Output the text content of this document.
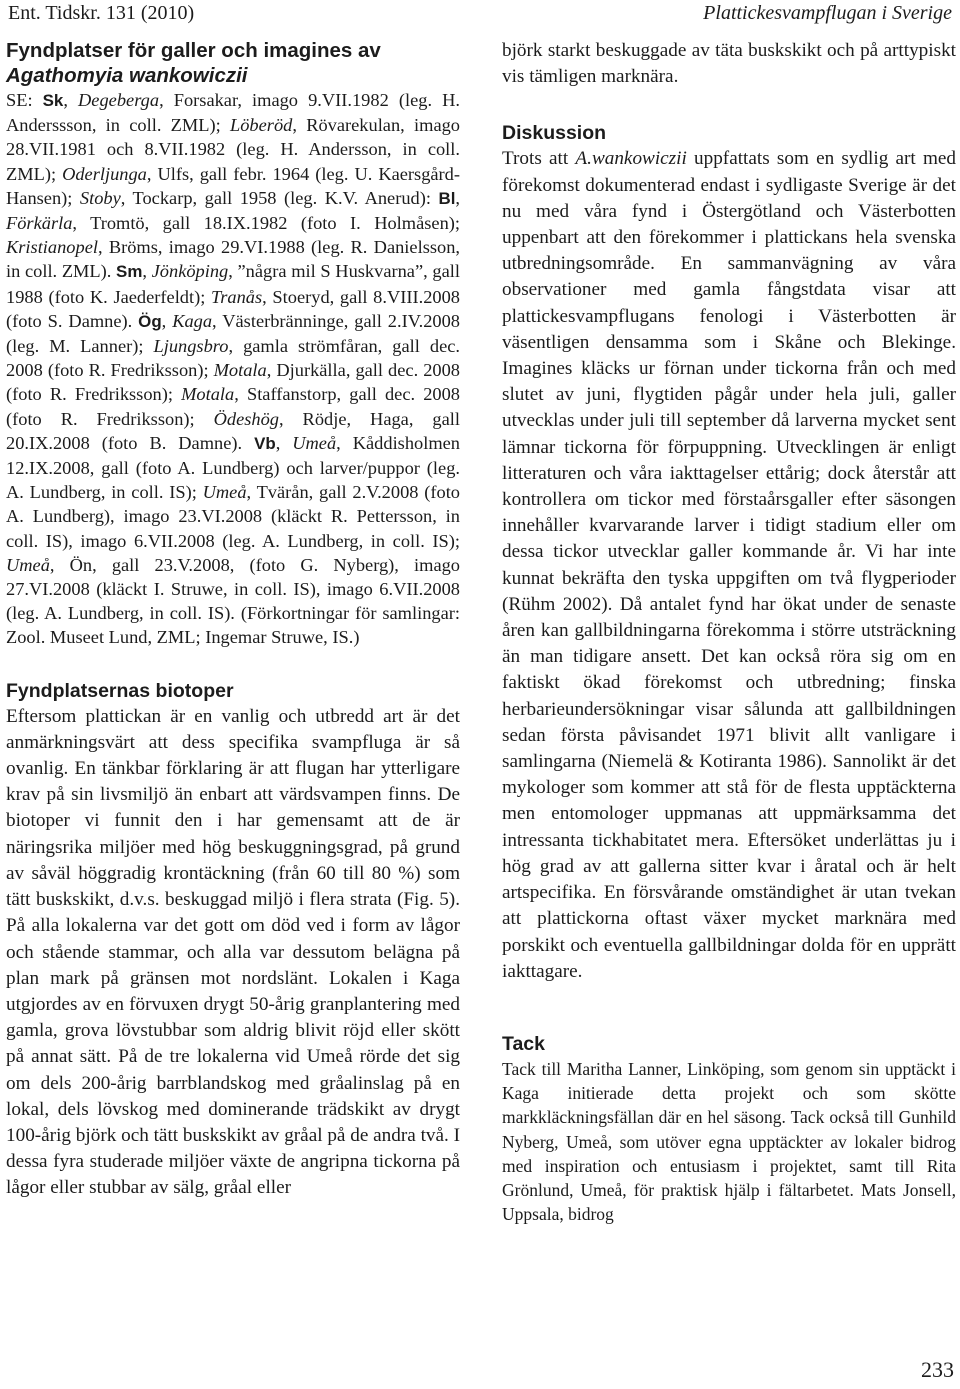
Ent. Tidskr. 131 (2010)	Plattickesvampflugan i Sverige
Fyndplatser för galler och imagines av Agathomyia wankowiczii

SE: Sk, Degeberga, Forsakar, imago 9.VII.1982 (leg. H. Anderssson, in coll. ZML); Löberöd, Rövarekulan, imago 28.VII.1981 och 8.VII.1982 (leg. H. Andersson, in coll. ZML); Oderljunga, Ulfs, gall febr. 1964 (leg. U. Kaersgård-Hansen); Stoby, Tockarp, gall 1958 (leg. K.V. Anerud): Bl, Förkärla, Tromtö, gall 18.IX.1982 (foto I. Holmåsen); Kristianopel, Bröms, imago 29.VI.1988 (leg. R. Danielsson, in coll. ZML). Sm, Jönköping, ”några mil S Huskvarna”, gall 1988 (foto K. Jaederfeldt); Tranås, Stoeryd, gall 8.VIII.2008 (foto S. Damne). Ög, Kaga, Västerbränninge, gall 2.IV.2008 (leg. M. Lanner); Ljungsbro, gamla strömfåran, gall dec. 2008 (foto R. Fredriksson); Motala, Djurkälla, gall dec. 2008 (foto R. Fredriksson); Motala, Staffanstorp, gall dec. 2008 (foto R. Fredriksson); Ödeshög, Rödje, Haga, gall 20.IX.2008 (foto B. Damne). Vb, Umeå, Kåddisholmen 12.IX.2008, gall (foto A. Lundberg) och larver/puppor (leg. A. Lundberg, in coll. IS); Umeå, Tvärån, gall 2.V.2008 (foto A. Lundberg), imago 23.VI.2008 (kläckt R. Pettersson, in coll. IS), imago 6.VII.2008 (leg. A. Lundberg, in coll. IS); Umeå, Ön, gall 23.V.2008, (foto G. Nyberg), imago 27.VI.2008 (kläckt I. Struwe, in coll. IS), imago 6.VII.2008 (leg. A. Lundberg, in coll. IS). (Förkortningar för samlingar: Zool. Museet Lund, ZML; Ingemar Struwe, IS.)

Fyndplatsernas biotoper

Eftersom plattickan är en vanlig och utbredd art är det anmärkningsvärt att dess specifika svampfluga är så ovanlig. En tänkbar förklaring är att flugan har ytterligare krav på sin livsmiljö än enbart att värdsvampen finns. De biotoper vi funnit den i har gemensamt att de är näringsrika miljöer med hög beskuggningsgrad, på grund av såväl höggradig krontäckning (från 60 till 80 %) som tätt buskskikt, d.v.s. beskuggad miljö i flera strata (Fig. 5). På alla lokalerna var det gott om död ved i form av lågor och stående stammar, och alla var dessutom belägna på plan mark på gränsen mot nordslänt. Lokalen i Kaga utgjordes av en förvuxen drygt 50-årig granplantering med gamla, grova lövstubbar som aldrig blivit röjd eller skött på annat sätt. På de tre lokalerna vid Umeå rörde det sig om dels 200-årig barrblandskog med gråalinslag på en lokal, dels lövskog med dominerande trädskikt av drygt 100-årig björk och tätt buskskikt av gråal på de andra två. I dessa fyra studerade miljöer växte de angripna tickorna på lågor eller stubbar av sälg, gråal eller

björk starkt beskuggade av täta buskskikt och på arttypiskt vis tämligen marknära.

Diskussion

Trots att A.wankowiczii uppfattats som en sydlig art med förekomst dokumenterad endast i sydligaste Sverige är det nu med våra fynd i Östergötland och Västerbotten uppenbart att den förekommer i plattickans hela svenska utbredningsområde. En sammanvägning av våra observationer med gamla fångstdata visar att plattickesvampflugans fenologi i Västerbotten är väsentligen densamma som i Skåne och Blekinge. Imagines kläcks ur förnan under tickorna från och med slutet av juni, flygtiden pågår under hela juli, galler utvecklas under juli till september då larverna mycket sent lämnar tickorna för förpuppning. Utvecklingen är enligt litteraturen och våra iakttagelser ettårig; dock återstår att kontrollera om tickor med förstaårsgaller efter säsongen innehåller kvarvarande larver i tidigt stadium eller om dessa tickor utvecklar galler kommande år. Vi har inte kunnat bekräfta den tyska uppgiften om två flygperioder (Rühm 2002). Då antalet fynd har ökat under de senaste åren kan gallbildningarna förekomma i större utsträckning än man tidigare ansett. Det kan också röra sig om en faktiskt ökad förekomst och utbredning; finska herbarieundersökningar visar sålunda att gallbildningen sedan första påvisandet 1971 blivit allt vanligare i samlingarna (Niemelä & Kotiranta 1986). Sannolikt är det mykologer som kommer att stå för de flesta upptäckterna men entomologer uppmanas att uppmärksamma det intressanta tickhabitatet mera. Eftersöket underlättas ju i hög grad av att gallerna sitter kvar i åratal och är helt artspecifika. En försvårande omständighet är utan tvekan att plattickorna oftast växer mycket marknära med porskikt och eventuella gallbildningar dolda för en upprätt iakttagare.

Tack

Tack till Maritha Lanner, Linköping, som genom sin upptäckt i Kaga initierade detta projekt och som skötte markkläckningsfällan där en hel säsong. Tack också till Gunhild Nyberg, Umeå, som utöver egna upptäckter av lokaler bidrog med inspiration och entusiasm i projektet, samt till Rita Grönlund, Umeå, för praktisk hjälp i fältarbetet. Mats Jonsell, Uppsala, bidrog

233
